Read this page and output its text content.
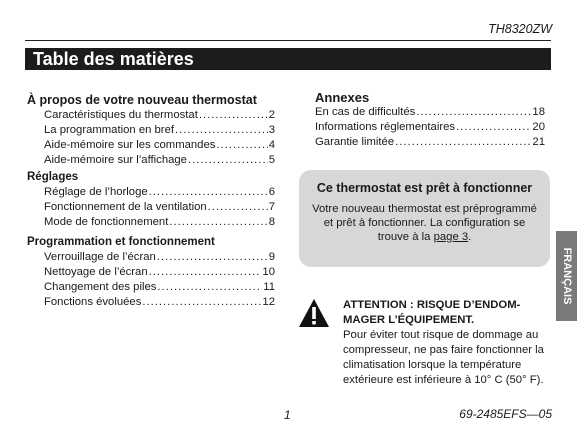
TH8320ZW
Table des matières
À propos de votre nouveau thermostat
Caractéristiques du thermostat .....	2
La programmation en bref .....	3
Aide-mémoire sur les commandes .....	4
Aide-mémoire sur l’affichage .....	5
Réglages
Réglage de l’horloge .....	6
Fonctionnement de la ventilation .....	7
Mode de fonctionnement .....	8
Programmation et fonctionnement
Verrouillage de l’écran .....	9
Nettoyage de l’écran .....	10
Changement des piles .....	11
Fonctions évoluées .....	12
Annexes
En cas de difficultés .....	18
Informations réglementaires .....	20
Garantie limitée .....	21
Ce thermostat est prêt à fonctionner
Votre nouveau thermostat est préprogrammé et prêt à fonctionner. La configuration se trouve à la page 3.
FRANÇAIS
ATTENTION : RISQUE D’ENDOM-MAGER L’ÉQUIPEMENT.
Pour éviter tout risque de dommage au compresseur, ne pas faire fonctionner la climatisation lorsque la température extérieure est inférieure à 10° C (50° F).
1	69-2485EFS—05
